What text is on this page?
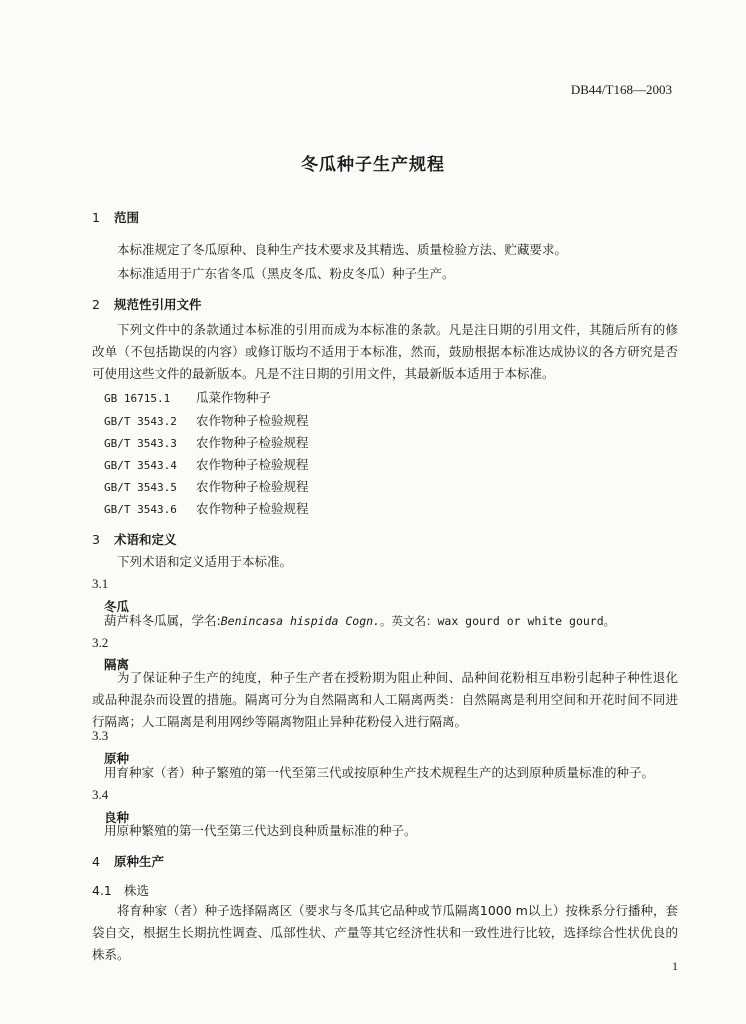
DB44/T168—2003
冬瓜种子生产规程
1 范围
本标准规定了冬瓜原种、良种生产技术要求及其精选、质量检验方法、贮藏要求。
本标准适用于广东省冬瓜（黑皮冬瓜、粉皮冬瓜）种子生产。
2 规范性引用文件
下列文件中的条款通过本标准的引用而成为本标准的条款。凡是注日期的引用文件，其随后所有的修改单（不包括勘误的内容）或修订版均不适用于本标准，然而，鼓励根据本标准达成协议的各方研究是否可使用这些文件的最新版本。凡是不注日期的引用文件，其最新版本适用于本标准。
GB 16715.1 瓜菜作物种子
GB/T 3543.2 农作物种子检验规程
GB/T 3543.3 农作物种子检验规程
GB/T 3543.4 农作物种子检验规程
GB/T 3543.5 农作物种子检验规程
GB/T 3543.6 农作物种子检验规程
3 术语和定义
下列术语和定义适用于本标准。
3.1
冬瓜
葫芦科冬瓜属，学名:Benincasa hispida Cogn.。英文名：wax gourd or white gourd。
3.2
隔离
为了保证种子生产的纯度，种子生产者在授粉期为阻止种间、品种间花粉相互串粉引起种子种性退化或品种混杂而设置的措施。隔离可分为自然隔离和人工隔离两类：自然隔离是利用空间和开花时间不同进行隔离；人工隔离是利用网纱等隔离物阻止异种花粉侵入进行隔离。
3.3
原种
用育种家（者）种子繁殖的第一代至第三代或按原种生产技术规程生产的达到原种质量标准的种子。
3.4
良种
用原种繁殖的第一代至第三代达到良种质量标准的种子。
4 原种生产
4.1 株选
将育种家（者）种子选择隔离区（要求与冬瓜其它品种或节瓜隔离1000 m以上）按株系分行播种，套袋自交，根据生长期抗性调查、瓜部性状、产量等其它经济性状和一致性进行比较，选择综合性状优良的株系。
1
